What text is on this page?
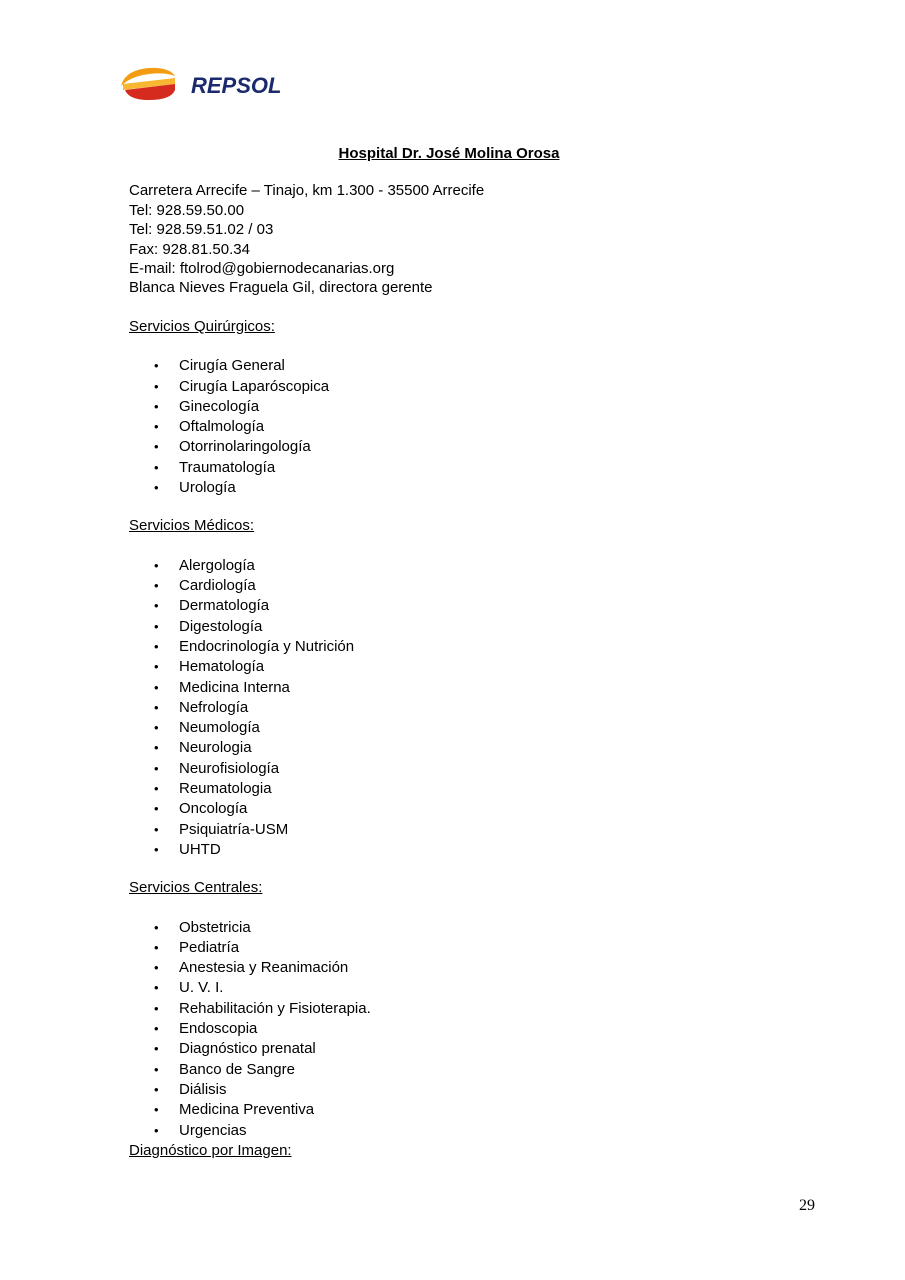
REPSOL
Hospital Dr. José Molina Orosa

Carretera Arrecife – Tinajo, km 1.300 - 35500 Arrecife

Tel: 928.59.50.00

Tel: 928.59.51.02 / 03

Fax: 928.81.50.34

E-mail: ftolrod@gobiernodecanarias.org

Blanca Nieves Fraguela Gil, directora gerente

Servicios Quirúrgicos:

• Cirugía General
• Cirugía Laparóscopica
• Ginecología
• Oftalmología
• Otorrinolaringología
• Traumatología
• Urología

Servicios Médicos:

• Alergología
• Cardiología
• Dermatología
• Digestología
• Endocrinología y Nutrición
• Hematología
• Medicina Interna
• Nefrología
• Neumología
• Neurologia
• Neurofisiología
• Reumatologia
• Oncología
• Psiquiatría-USM
• UHTD

Servicios Centrales:

• Obstetricia
• Pediatría
• Anestesia y Reanimación
• U. V. I.
• Rehabilitación y Fisioterapia.
• Endoscopia
• Diagnóstico prenatal
• Banco de Sangre
• Diálisis
• Medicina Preventiva
• Urgencias

Diagnóstico por Imagen:

29
